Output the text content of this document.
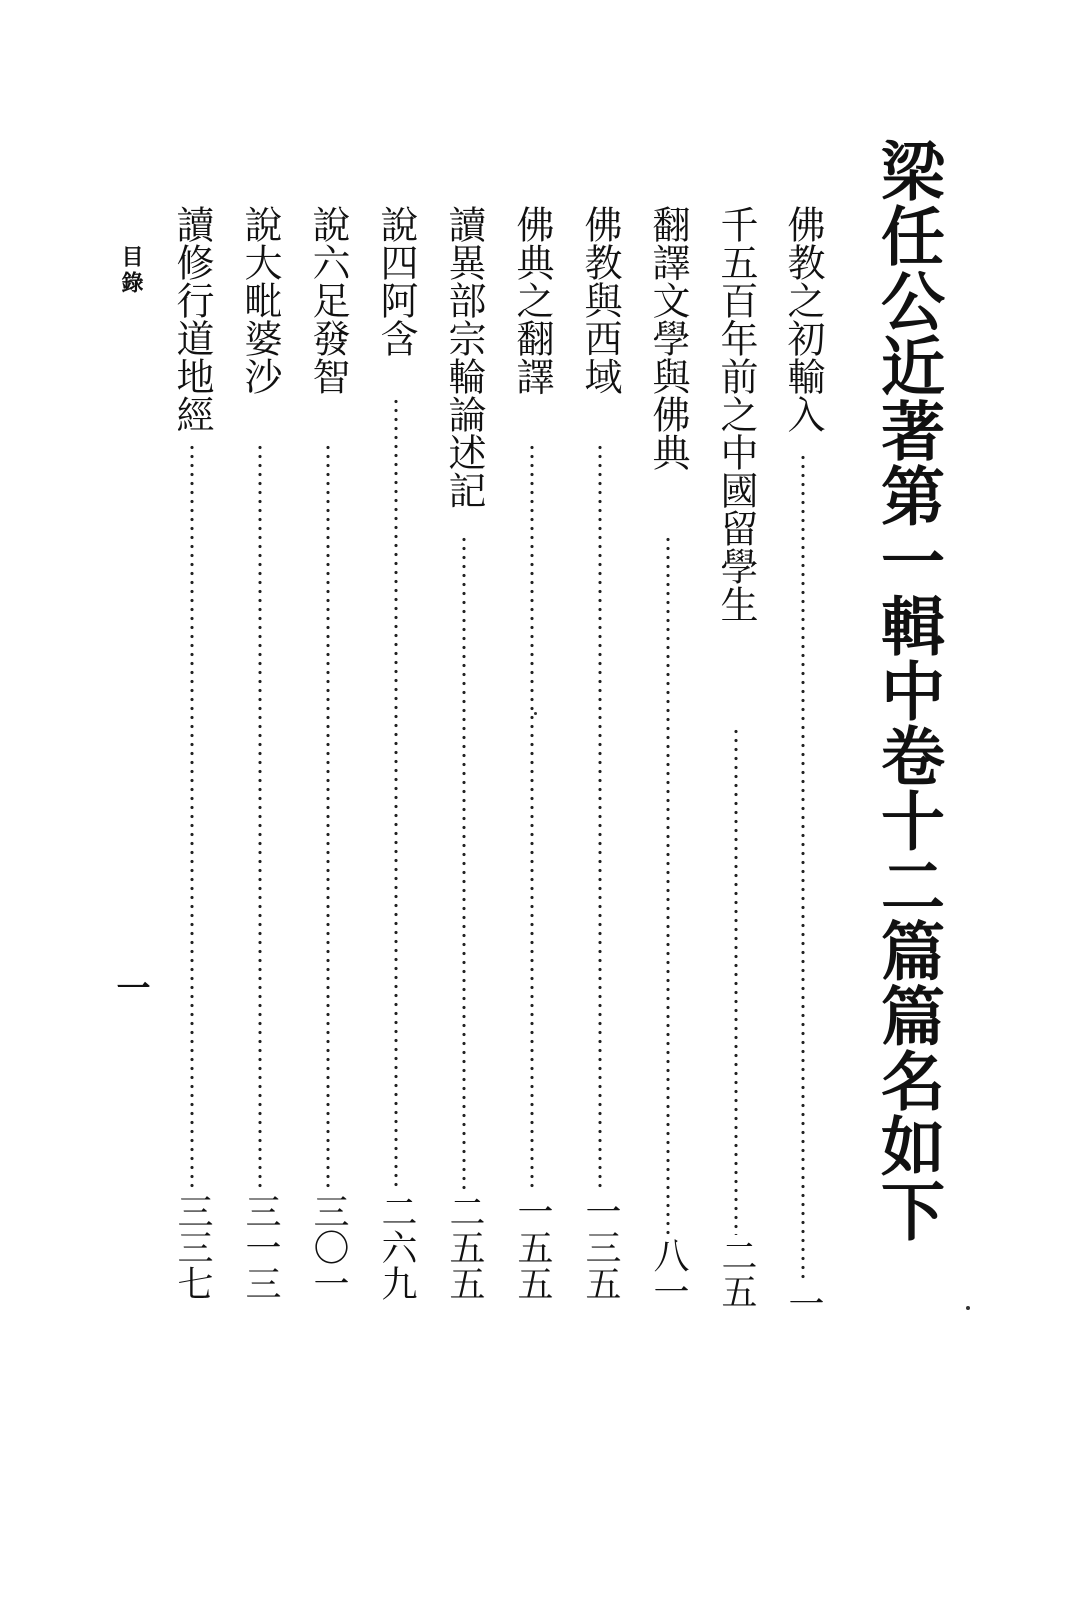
梁任公近著第一輯中卷十二篇篇名如下
佛教之初輸入
一
千五百年前之中國留學生
二五
翻譯文學與佛典
八一
佛教與西域
一三五
佛典之翻譯
一五五
讀異部宗輪論述記
二五五
說四阿含
二六九
說六足發智
三〇一
說大毗婆沙
三一三
讀修行道地經
三三七
目錄
一
